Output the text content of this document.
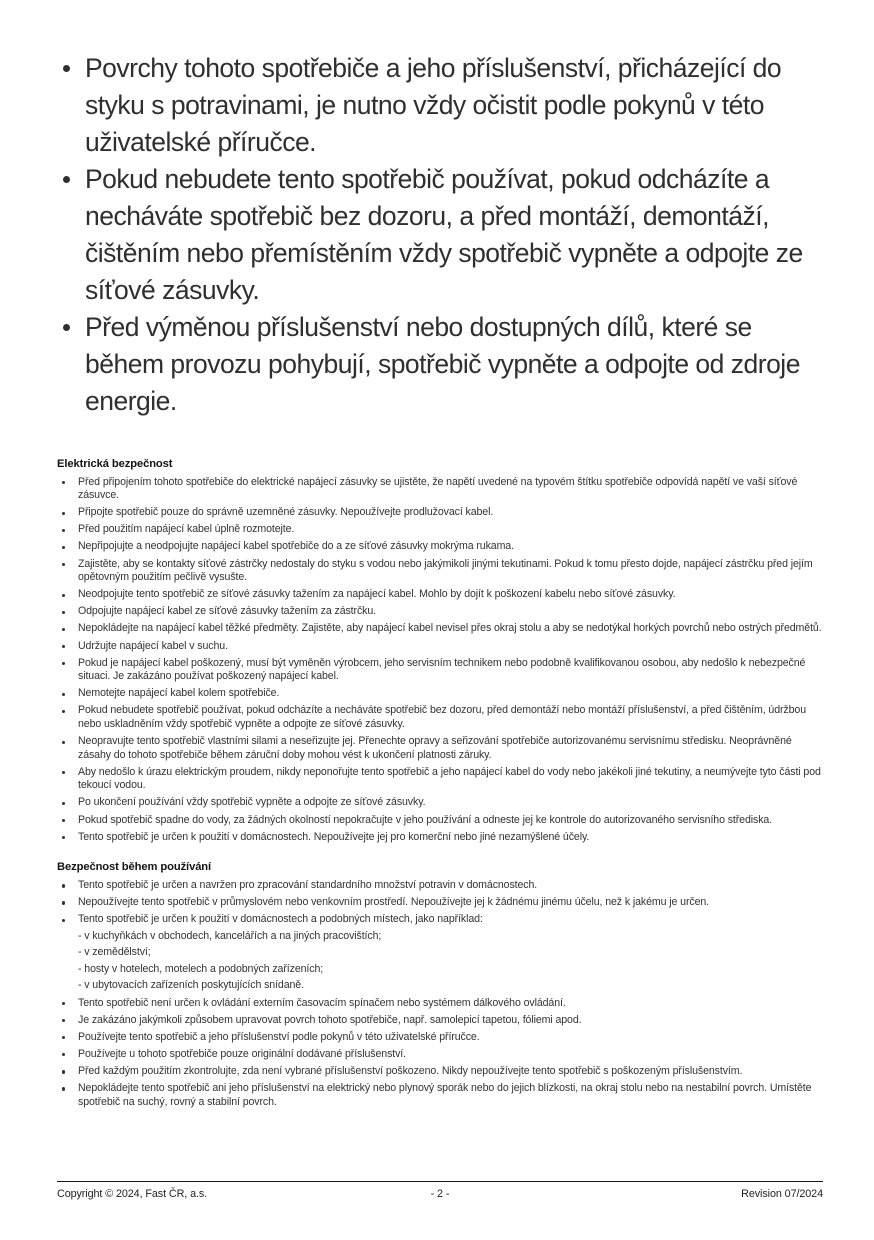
Povrchy tohoto spotřebiče a jeho příslušenství, přicházející do styku s potravinami, je nutno vždy očistit podle pokynů v této uživatelské příručce.
Pokud nebudete tento spotřebič používat, pokud odcházíte a necháváte spotřebič bez dozoru, a před montáží, demontáží, čištěním nebo přemístěním vždy spotřebič vypněte a odpojte ze síťové zásuvky.
Před výměnou příslušenství nebo dostupných dílů, které se během provozu pohybují, spotřebič vypněte a odpojte od zdroje energie.
Elektrická bezpečnost
Před připojením tohoto spotřebiče do elektrické napájecí zásuvky se ujistěte, že napětí uvedené na typovém štítku spotřebiče odpovídá napětí ve vaší síťové zásuvce.
Připojte spotřebič pouze do správně uzemněné zásuvky. Nepoužívejte prodlužovací kabel.
Před použitím napájecí kabel úplně rozmotejte.
Nepřipojujte a neodpojujte napájecí kabel spotřebiče do a ze síťové zásuvky mokrýma rukama.
Zajistěte, aby se kontakty síťové zástrčky nedostaly do styku s vodou nebo jakýmikoli jinými tekutinami. Pokud k tomu přesto dojde, napájecí zástrčku před jejím opětovným použitím pečlivě vysušte.
Neodpojujte tento spotřebič ze síťové zásuvky tažením za napájecí kabel. Mohlo by dojít k poškození kabelu nebo síťové zásuvky.
Odpojujte napájecí kabel ze síťové zásuvky tažením za zástrčku.
Nepokládejte na napájecí kabel těžké předměty. Zajistěte, aby napájecí kabel nevisel přes okraj stolu a aby se nedotýkal horkých povrchů nebo ostrých předmětů.
Udržujte napájecí kabel v suchu.
Pokud je napájecí kabel poškozený, musí být vyměněn výrobcem, jeho servisním technikem nebo podobně kvalifikovanou osobou, aby nedošlo k nebezpečné situaci. Je zakázáno používat poškozený napájecí kabel.
Nemotejte napájecí kabel kolem spotřebiče.
Pokud nebudete spotřebič používat, pokud odcházíte a necháváte spotřebič bez dozoru, před demontáží nebo montáží příslušenství, a před čištěním, údržbou nebo uskladněním vždy spotřebič vypněte a odpojte ze síťové zásuvky.
Neopravujte tento spotřebič vlastními silami a neseřizujte jej. Přenechte opravy a seřizování spotřebiče autorizovanému servisnímu středisku. Neoprávněné zásahy do tohoto spotřebiče během záruční doby mohou vést k ukončení platnosti záruky.
Aby nedošlo k úrazu elektrickým proudem, nikdy neponořujte tento spotřebič a jeho napájecí kabel do vody nebo jakékoli jiné tekutiny, a neumývejte tyto části pod tekoucí vodou.
Po ukončení používání vždy spotřebič vypněte a odpojte ze síťové zásuvky.
Pokud spotřebič spadne do vody, za žádných okolností nepokračujte v jeho používání a odneste jej ke kontrole do autorizovaného servisního střediska.
Tento spotřebič je určen k použití v domácnostech. Nepoužívejte jej pro komerční nebo jiné nezamýšlené účely.
Bezpečnost během používání
Tento spotřebič je určen a navržen pro zpracování standardního množství potravin v domácnostech.
Nepoužívejte tento spotřebič v průmyslovém nebo venkovním prostředí. Nepoužívejte jej k žádnému jinému účelu, než k jakému je určen.
Tento spotřebič je určen k použití v domácnostech a podobných místech, jako například:
- v kuchyňkách v obchodech, kancelářích a na jiných pracovištích;
- v zemědělství;
- hosty v hotelech, motelech a podobných zařízeních;
- v ubytovacích zařízeních poskytujících snídaně.
Tento spotřebič není určen k ovládání externím časovacím spínačem nebo systémem dálkového ovládání.
Je zakázáno jakýmkoli způsobem upravovat povrch tohoto spotřebiče, např. samolepicí tapetou, fóliemi apod.
Používejte tento spotřebič a jeho příslušenství podle pokynů v této uživatelské příručce.
Používejte u tohoto spotřebiče pouze originální dodávané příslušenství.
Před každým použitím zkontrolujte, zda není vybrané příslušenství poškozeno. Nikdy nepoužívejte tento spotřebič s poškozeným příslušenstvím.
Nepokládejte tento spotřebič ani jeho příslušenství na elektrický nebo plynový sporák nebo do jejich blízkosti, na okraj stolu nebo na nestabilní povrch. Umístěte spotřebič na suchý, rovný a stabilní povrch.
Copyright © 2024, Fast ČR, a.s.	- 2 -	Revision 07/2024
